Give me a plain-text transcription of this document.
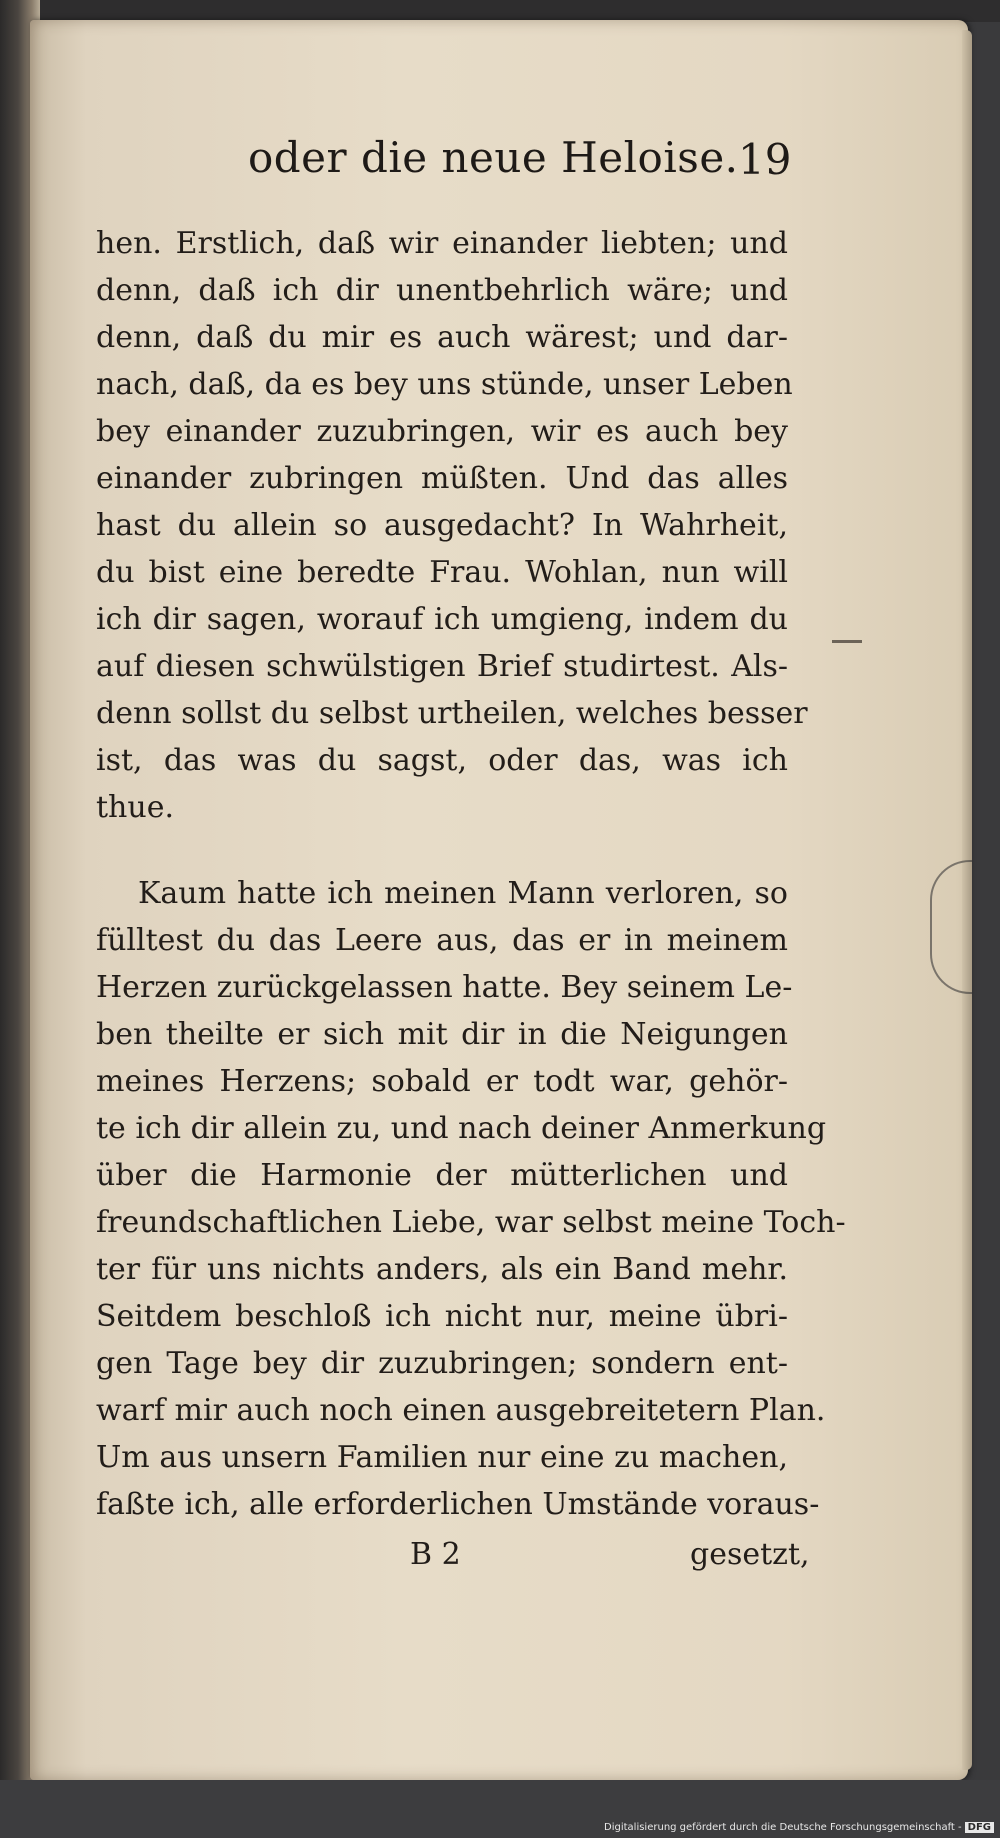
oder die neue Heloise. 19
hen. Erstlich, daß wir einander liebten; und
denn, daß ich dir unentbehrlich wäre; und
denn, daß du mir es auch wärest; und dar-
nach, daß, da es bey uns stünde, unser Leben
bey einander zuzubringen, wir es auch bey
einander zubringen müßten. Und das alles
hast du allein so ausgedacht? In Wahrheit,
du bist eine beredte Frau. Wohlan, nun will
ich dir sagen, worauf ich umgieng, indem du
auf diesen schwülstigen Brief studirtest. Als-
denn sollst du selbst urtheilen, welches besser
ist, das was du sagst, oder das, was ich
thue.
Kaum hatte ich meinen Mann verloren, so
fülltest du das Leere aus, das er in meinem
Herzen zurückgelassen hatte. Bey seinem Le-
ben theilte er sich mit dir in die Neigungen
meines Herzens; sobald er todt war, gehör-
te ich dir allein zu, und nach deiner Anmerkung
über die Harmonie der mütterlichen und
freundschaftlichen Liebe, war selbst meine Toch-
ter für uns nichts anders, als ein Band mehr.
Seitdem beschloß ich nicht nur, meine übri-
gen Tage bey dir zuzubringen; sondern ent-
warf mir auch noch einen ausgebreitetern Plan.
Um aus unsern Familien nur eine zu machen,
faßte ich, alle erforderlichen Umstände voraus-
B 2	gesetzt,
Digitalisierung gefördert durch die Deutsche Forschungsgemeinschaft - DFG
